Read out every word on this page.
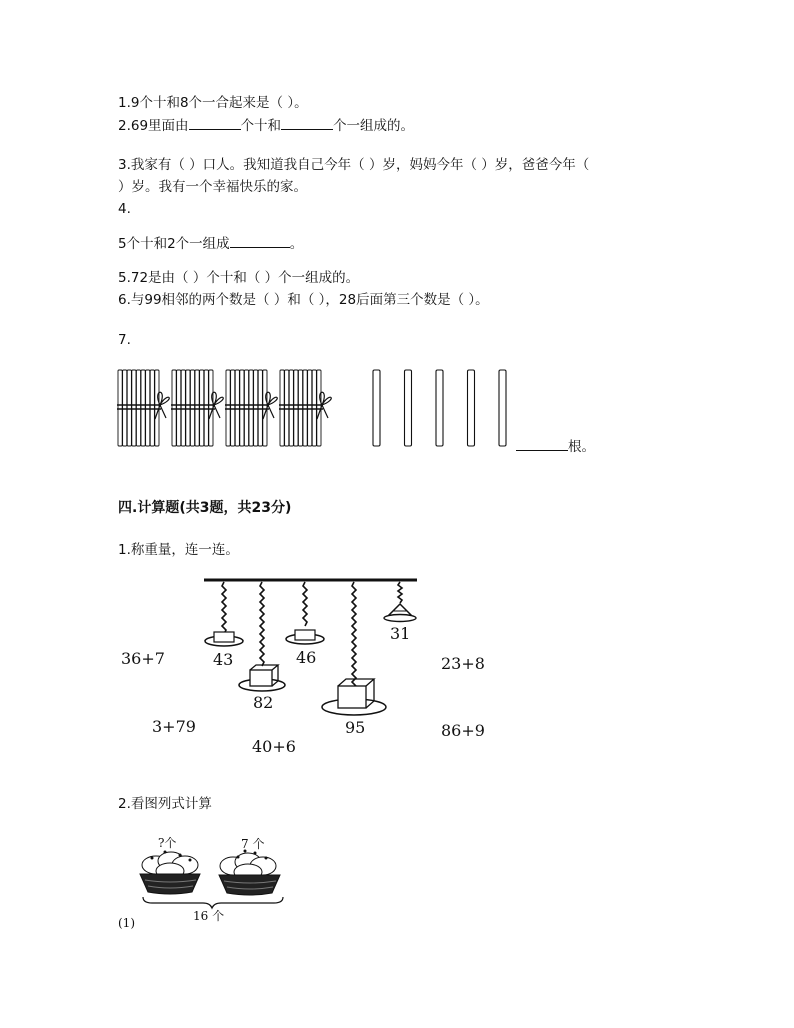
1.9个十和8个一合起来是（ ）。
2.69里面由	个十和	个一组成的。
3.我家有（ ）口人。我知道我自己今年（ ）岁，妈妈今年（ ）岁，爸爸今年（
）岁。我有一个幸福快乐的家。
4.
5个十和2个一组成	。
5.72是由（ ）个十和（ ）个一组成的。
6.与99相邻的两个数是（ ）和（ ），28后面第三个数是（ ）。
7.
根。
四.计算题(共3题，共23分)
1.称重量，连一连。
43	46
31
82
95
36+7	23+8
3+79
40+6
86+9
2.看图列式计算
?个	7 个
16 个
(1)
